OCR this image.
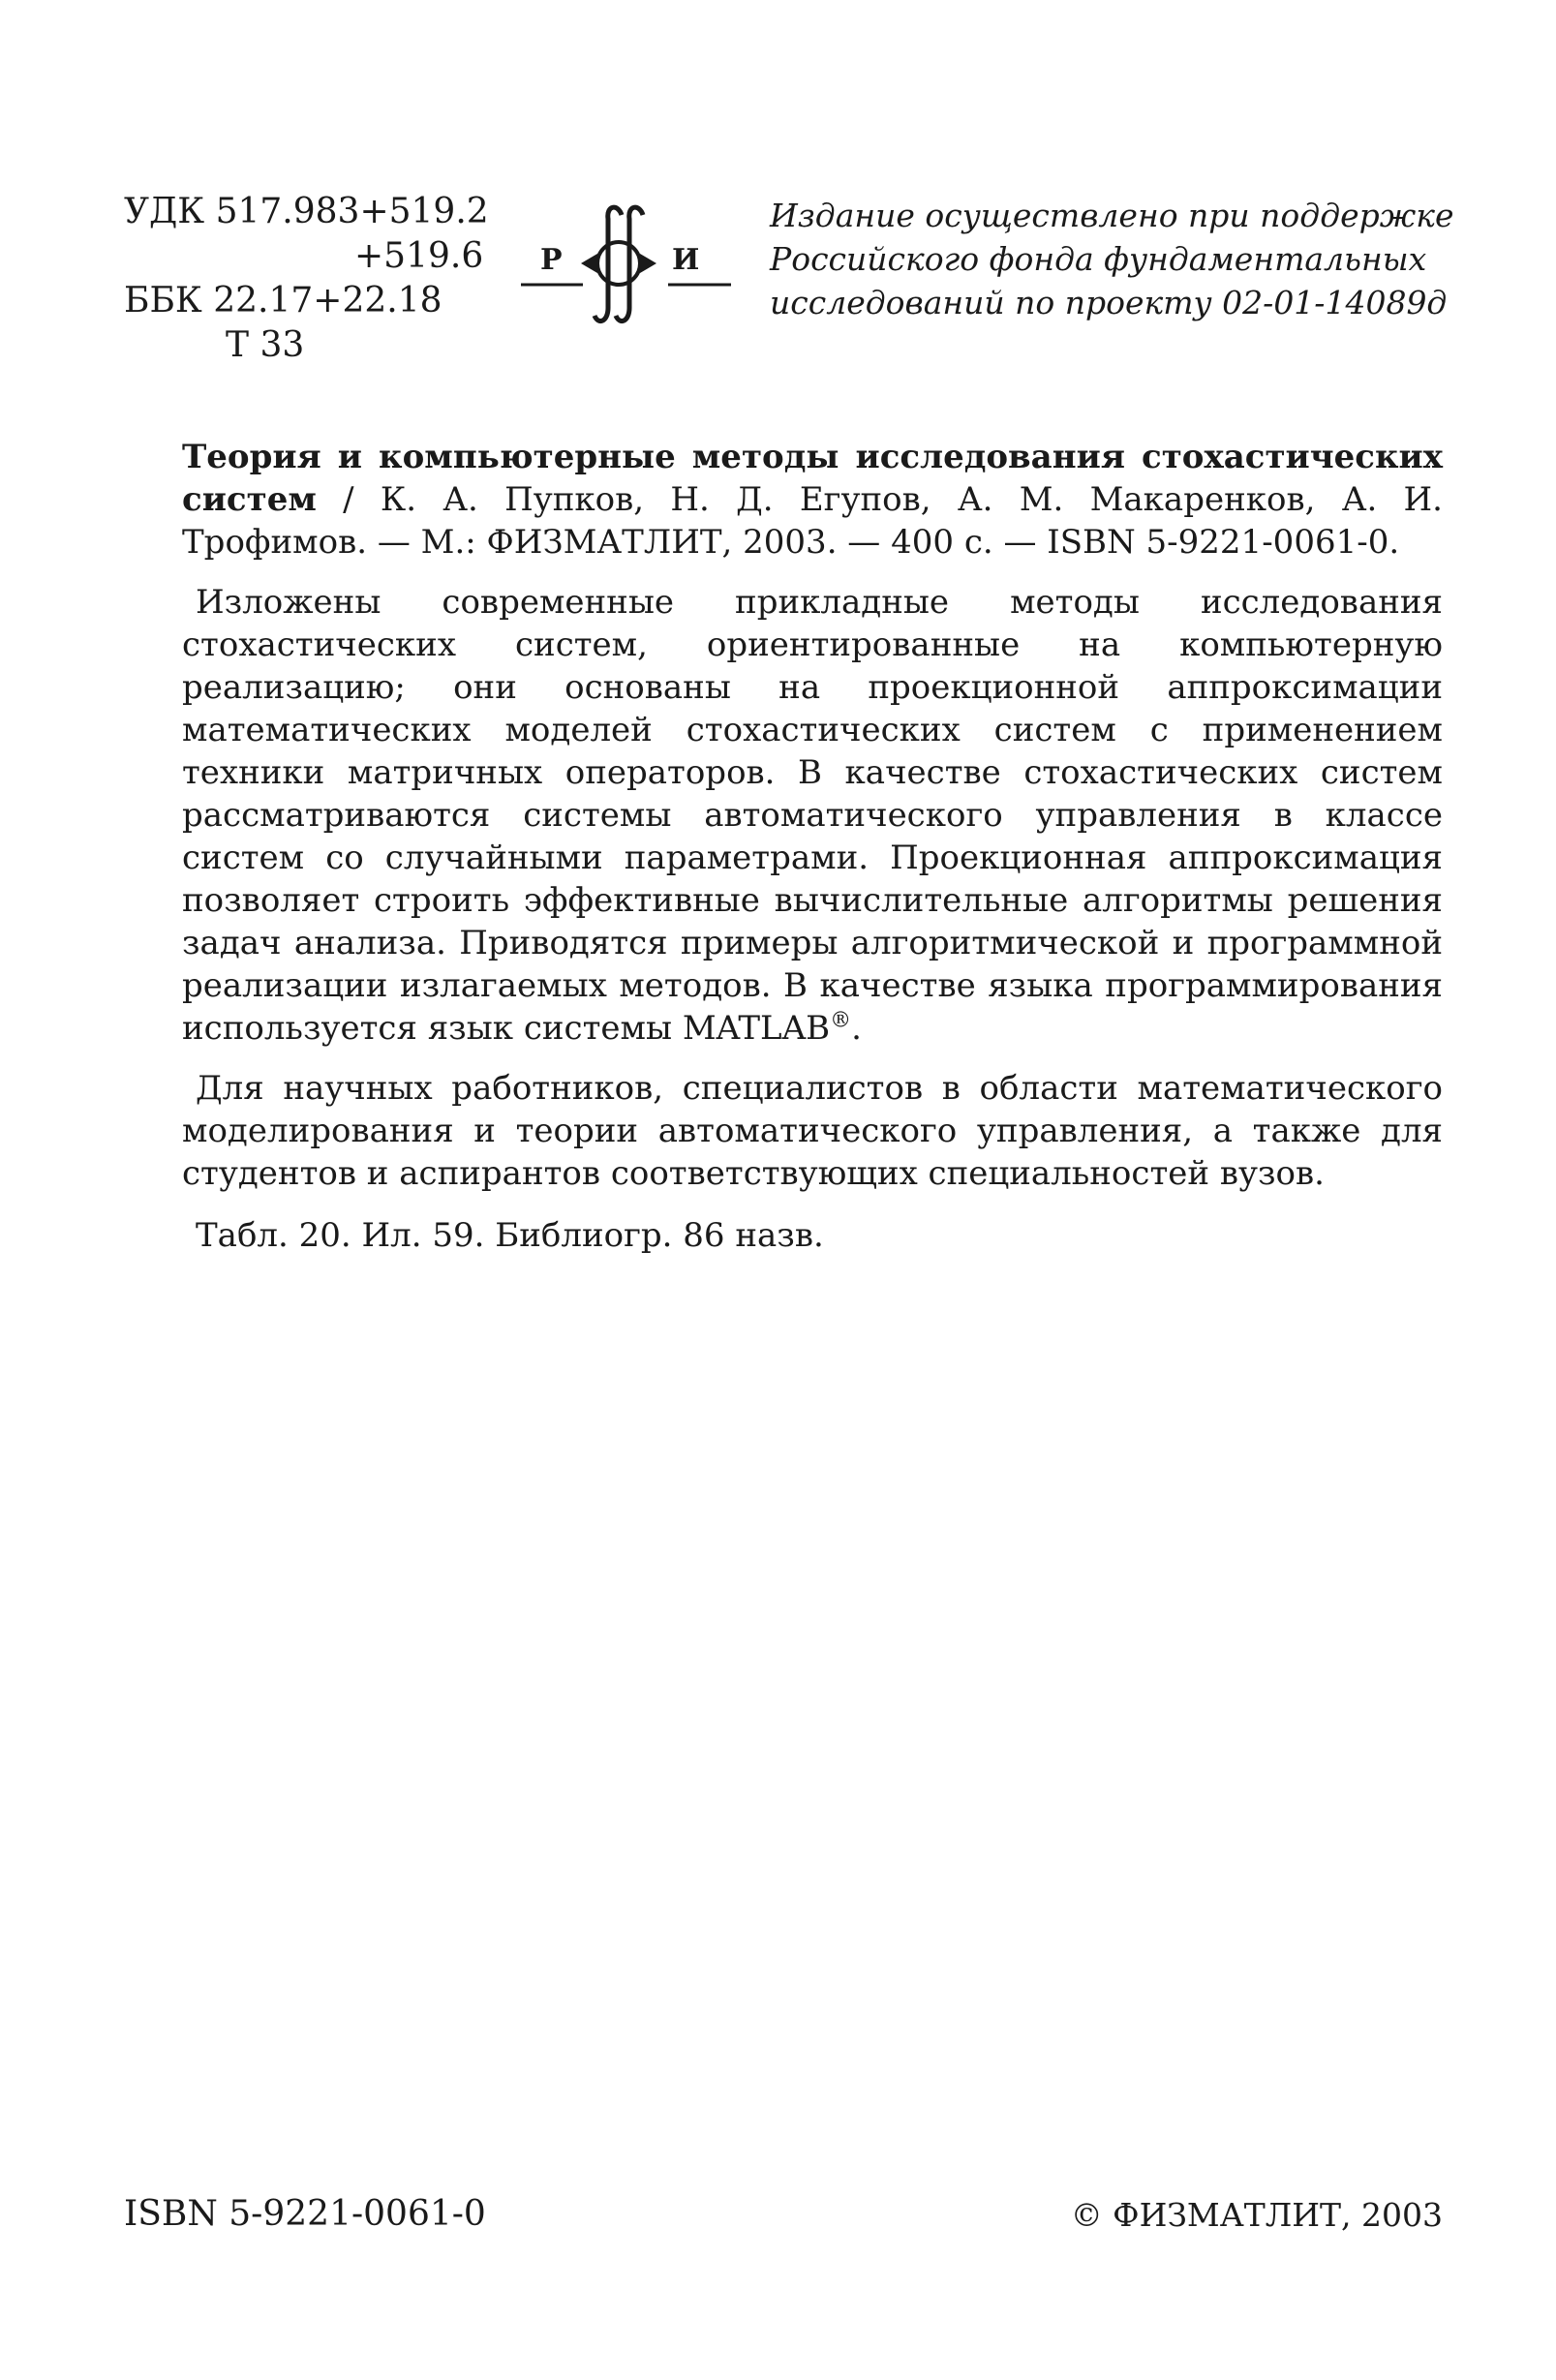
УДК 517.983+519.2
+519.6
ББК 22.17+22.18
Т 33
Р	И
Издание осуществлено при поддержке
Российского фонда фундаментальных
исследований по проекту 02-01-14089д

Теория и компьютерные методы исследования стохастических систем / К. А. Пупков, Н. Д. Егупов, А. М. Макаренков, А. И. Трофимов. — М.: ФИЗМАТЛИТ, 2003. — 400 с. — ISBN 5-9221-0061-0.

Изложены современные прикладные методы исследования стохастических систем, ориентированные на компьютерную реализацию; они основаны на проекционной аппроксимации математических моделей стохастических систем с применением техники матричных операторов. В качестве стохастических систем рассматриваются системы автоматического управления в классе систем со случайными параметрами. Проекционная аппроксимация позволяет строить эффективные вычислительные алгоритмы решения задач анализа. Приводятся примеры алгоритмической и программной реализации излагаемых методов. В качестве языка программирования используется язык системы MATLAB®.

Для научных работников, специалистов в области математического моделирования и теории автоматического управления, а также для студентов и аспирантов соответствующих специальностей вузов.

Табл. 20. Ил. 59. Библиогр. 86 назв.

ISBN 5-9221-0061-0	© ФИЗМАТЛИТ, 2003
